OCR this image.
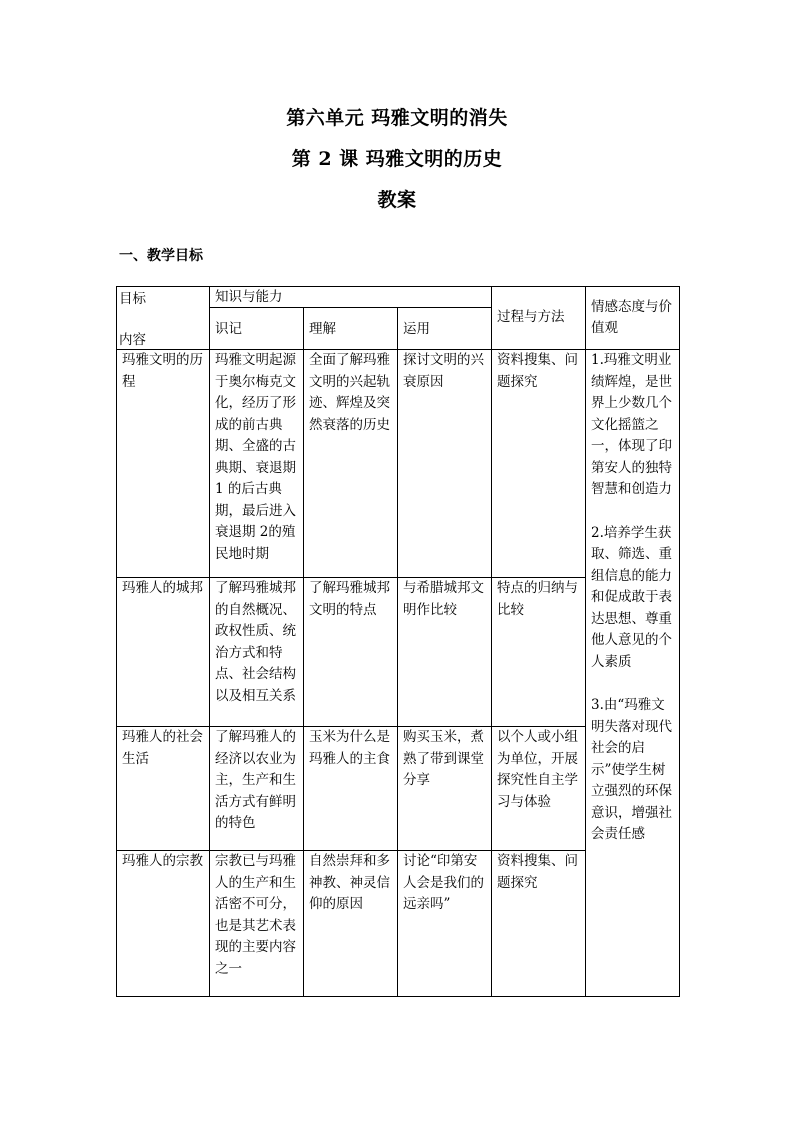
第六单元 玛雅文明的消失
第 2 课 玛雅文明的历史
教案
一、教学目标
目标
内容	知识与能力			过程与方法	情感态度与价值观
	识记	理解	运用		
玛雅文明的历程	玛雅文明起源于奥尔梅克文化，经历了形成的前古典期、全盛的古典期、衰退期 1 的后古典期，最后进入衰退期 2的殖民地时期	全面了解玛雅文明的兴起轨迹、辉煌及突然衰落的历史	探讨文明的兴衰原因	资料搜集、问题探究	1.玛雅文明业绩辉煌，是世界上少数几个文化摇篮之一，体现了印第安人的独特智慧和创造力

2.培养学生获取、筛选、重组信息的能力和促成敢于表达思想、尊重他人意见的个人素质

3.由“玛雅文明失落对现代社会的启示”使学生树立强烈的环保意识，增强社会责任感

玛雅人的城邦	了解玛雅城邦的自然概况、政权性质、统治方式和特点、社会结构以及相互关系	了解玛雅城邦文明的特点	与希腊城邦文明作比较	特点的归纳与比较	
玛雅人的社会生活	了解玛雅人的经济以农业为主，生产和生活方式有鲜明的特色	玉米为什么是玛雅人的主食	购买玉米，煮熟了带到课堂分享	以个人或小组为单位，开展探究性自主学习与体验	
玛雅人的宗教	宗教已与玛雅人的生产和生活密不可分，也是其艺术表现的主要内容之一	自然崇拜和多神教、神灵信仰的原因	讨论“印第安人会是我们的远亲吗”	资料搜集、问题探究	
